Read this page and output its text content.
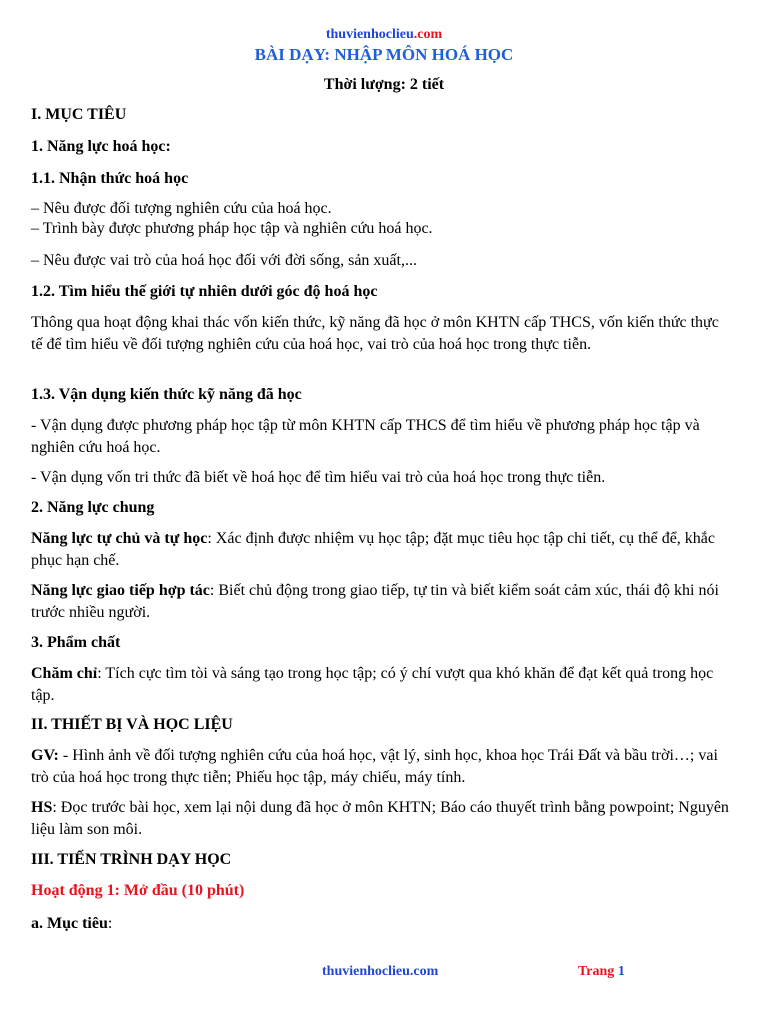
thuvienhoclieu.com
BÀI DẠY: NHẬP MÔN HOÁ HỌC
Thời lượng: 2 tiết
I. MỤC TIÊU
1. Năng lực hoá học:
1.1. Nhận thức hoá học
– Nêu được đối tượng nghiên cứu của hoá học.
– Trình bày được phương pháp học tập và nghiên cứu hoá học.
– Nêu được vai trò của hoá học đối với đời sống, sản xuất,...
1.2. Tìm hiểu thế giới tự nhiên dưới góc độ hoá học
Thông qua hoạt động khai thác vốn kiến thức, kỹ năng đã học ở môn KHTN cấp THCS, vốn kiến thức thực tế để tìm hiểu về đối tượng nghiên cứu của hoá học, vai trò của hoá học trong thực tiễn.
1.3. Vận dụng kiến thức kỹ năng đã học
- Vận dụng được phương pháp học tập từ môn KHTN cấp THCS để tìm hiểu về phương pháp học tập và nghiên cứu hoá học.
- Vận dụng vốn tri thức đã biết về hoá học để tìm hiểu vai trò của hoá học trong thực tiễn.
2. Năng lực chung
Năng lực tự chủ và tự học: Xác định được nhiệm vụ học tập; đặt mục tiêu học tập chi tiết, cụ thể để, khắc phục hạn chế.
Năng lực giao tiếp hợp tác: Biết chủ động trong giao tiếp, tự tin và biết kiểm soát cảm xúc, thái độ khi nói trước nhiều người.
3. Phẩm chất
Chăm chỉ: Tích cực tìm tòi và sáng tạo trong học tập; có ý chí vượt qua khó khăn để đạt kết quả trong học tập.
II. THIẾT BỊ VÀ HỌC LIỆU
GV: - Hình ảnh về đối tượng nghiên cứu của hoá học, vật lý, sinh học, khoa học Trái Đất và bầu trời…; vai trò của hoá học trong thực tiễn; Phiếu học tập, máy chiếu, máy tính.
HS: Đọc trước bài học, xem lại nội dung đã học ở môn KHTN; Báo cáo thuyết trình bằng powpoint; Nguyên liệu làm son môi.
III. TIẾN TRÌNH DẠY HỌC
Hoạt động 1: Mở đầu (10 phút)
a. Mục tiêu:
thuvienhoclieu.com	Trang 1
